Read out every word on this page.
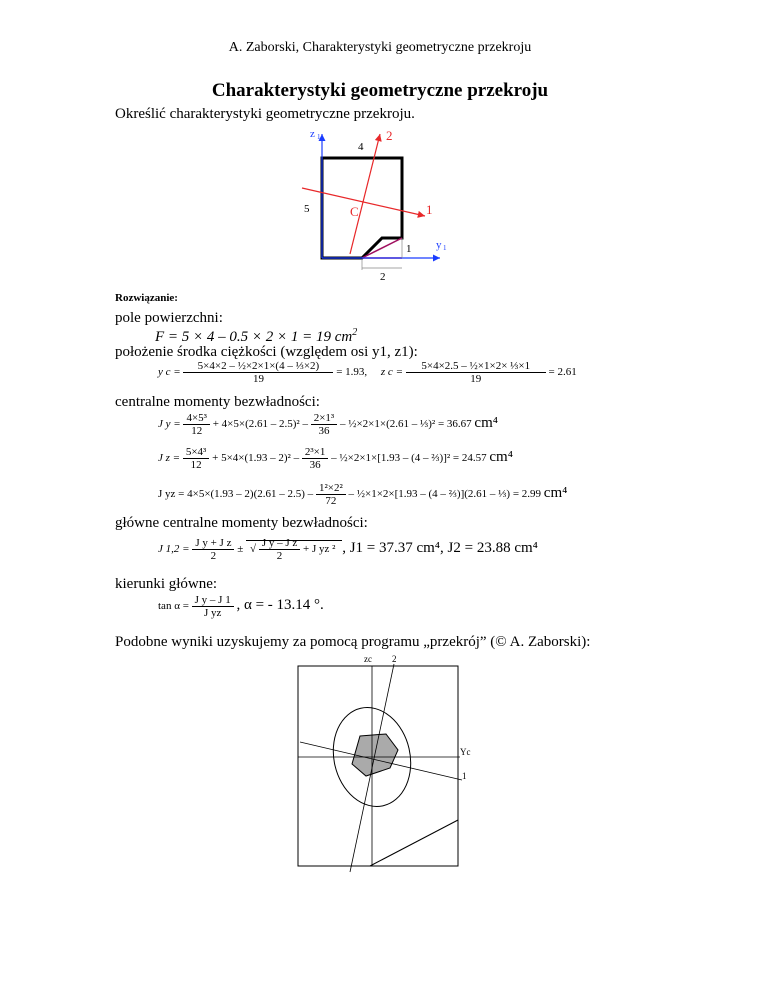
A. Zaborski, Charakterystyki geometryczne przekroju
Charakterystyki geometryczne przekroju
Określić charakterystyki geometryczne przekroju.
z 1
y 1
2
1
C
4
5
1
2
Rozwiązanie:
pole powierzchni:
F = 5 × 4 – 0.5 × 2 × 1 = 19 $cm^2$
położenie środka ciężkości (względem osi y1, z1):
y $c = \frac{\text{5×4×2 – ½×2×1×(4 – ⅓×2)}}{19} = 1.93$, z $c = \frac{\text{5×4×2.5 – ½×1×2× ⅓×1}}{19} = 2.61$
centralne momenty bezwładności:
J $y = \frac{\text{4×5³}}{12} + 4\times 5\times(2.61 - 2.5)^2 - \frac{\text{2×1³}}{36}$ – ½×2×1×(2.61 – ⅓)² = 36.67 cm⁴
J $z = \frac{\text{5×4³}}{12} + 5\times 4\times(1.93 - 2)^2 - \frac{\text{2³×1}}{36}$ – ½×2×1×[1.93 – (4 – ⅔)]² = 24.57 cm⁴
J yz = $4\times 5\times(1.93 - 2)(2.61 - 2.5) - \frac{\text{1²×2²}}{72}$ – ½×1×2×[1.93 – (4 – ⅔)](2.61 – ⅓) = 2.99 cm⁴
główne centralne momenty bezwładności:
J $1,2 = \frac{\text{J y + J z}}{2}$ ± √ $\frac{\text{J y – J z}}{2} + J$ yz ² , J1 = 37.37 cm⁴, J2 = 23.88 cm⁴
kierunki główne:
$\tan \alpha = \frac{\text{J y – J 1}}{\text{J yz}}$ , α = - 13.14 °.
Podobne wyniki uzyskujemy za pomocą programu „przekrój” (© A. Zaborski):
zc 2
Yc
1
